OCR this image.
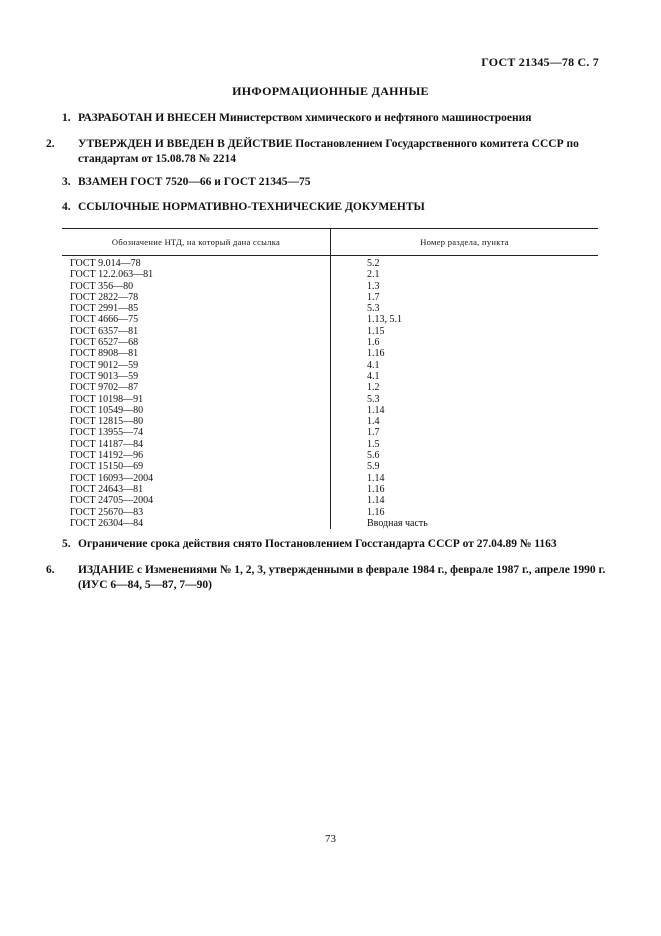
ГОСТ 21345—78 С. 7
ИНФОРМАЦИОННЫЕ ДАННЫЕ
1. РАЗРАБОТАН И ВНЕСЕН Министерством химического и нефтяного машиностроения
2. УТВЕРЖДЕН И ВВЕДЕН В ДЕЙСТВИЕ Постановлением Государственного комитета СССР по стандартам от 15.08.78 № 2214
3. ВЗАМЕН ГОСТ 7520—66 и ГОСТ 21345—75
4. ССЫЛОЧНЫЕ НОРМАТИВНО-ТЕХНИЧЕСКИЕ ДОКУМЕНТЫ
Обозначение НТД, на который дана ссылка	Номер раздела, пункта
ГОСТ 9.014—78	5.2
ГОСТ 12.2.063—81	2.1
ГОСТ 356—80	1.3
ГОСТ 2822—78	1.7
ГОСТ 2991—85	5.3
ГОСТ 4666—75	1.13, 5.1
ГОСТ 6357—81	1.15
ГОСТ 6527—68	1.6
ГОСТ 8908—81	1.16
ГОСТ 9012—59	4.1
ГОСТ 9013—59	4.1
ГОСТ 9702—87	1.2
ГОСТ 10198—91	5.3
ГОСТ 10549—80	1.14
ГОСТ 12815—80	1.4
ГОСТ 13955—74	1.7
ГОСТ 14187—84	1.5
ГОСТ 14192—96	5.6
ГОСТ 15150—69	5.9
ГОСТ 16093—2004	1.14
ГОСТ 24643—81	1.16
ГОСТ 24705—2004	1.14
ГОСТ 25670—83	1.16
ГОСТ 26304—84	Вводная часть
5. Ограничение срока действия снято Постановлением Госстандарта СССР от 27.04.89 № 1163
6. ИЗДАНИЕ с Изменениями № 1, 2, 3, утвержденными в феврале 1984 г., феврале 1987 г., апреле 1990 г. (ИУС 6—84, 5—87, 7—90)
73
